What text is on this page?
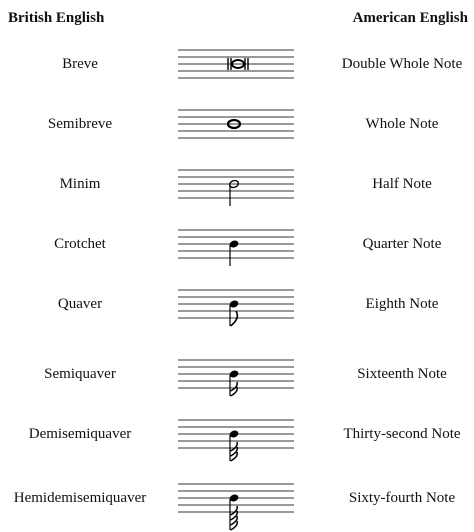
British English	American English
Breve	Double Whole Note
Semibreve	Whole Note
Minim	Half Note
Crotchet	Quarter Note
Quaver	Eighth Note
Semiquaver	Sixteenth Note
Demisemiquaver	Thirty-second Note
Hemidemisemiquaver	Sixty-fourth Note
